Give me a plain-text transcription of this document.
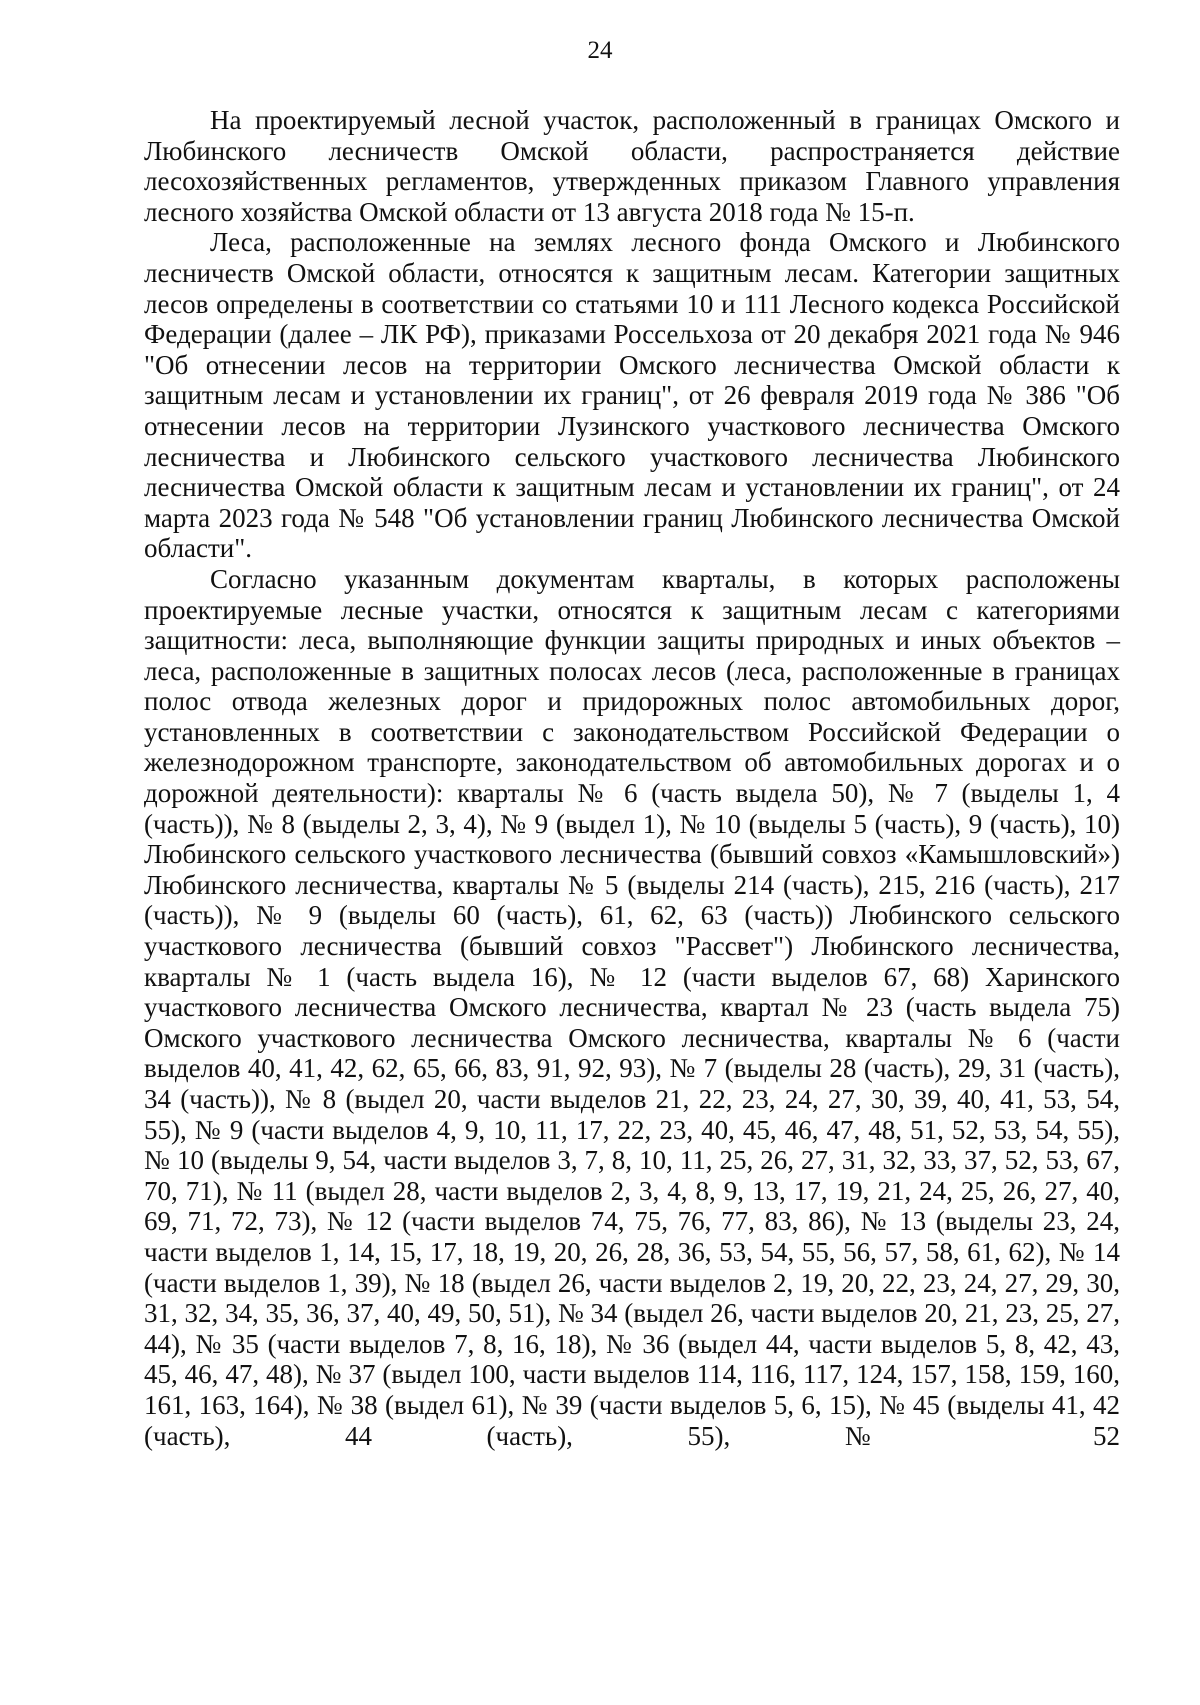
24

На проектируемый лесной участок, расположенный в границах Омского и Любинского лесничеств Омской области, распространяется действие лесохозяйственных регламентов, утвержденных приказом Главного управления лесного хозяйства Омской области от 13 августа 2018 года № 15-п.

Леса, расположенные на землях лесного фонда Омского и Любинского лесничеств Омской области, относятся к защитным лесам. Категории защитных лесов определены в соответствии со статьями 10 и 111 Лесного кодекса Российской Федерации (далее – ЛК РФ), приказами Россельхоза от 20 декабря 2021 года № 946 "Об отнесении лесов на территории Омского лесничества Омской области к защитным лесам и установлении их границ", от 26 февраля 2019 года № 386 "Об отнесении лесов на территории Лузинского участкового лесничества Омского лесничества и Любинского сельского участкового лесничества Любинского лесничества Омской области к защитным лесам и установлении их границ", от 24 марта 2023 года № 548 "Об установлении границ Любинского лесничества Омской области".

Согласно указанным документам кварталы, в которых расположены проектируемые лесные участки, относятся к защитным лесам с категориями защитности: леса, выполняющие функции защиты природных и иных объектов – леса, расположенные в защитных полосах лесов (леса, расположенные в границах полос отвода железных дорог и придорожных полос автомобильных дорог, установленных в соответствии с законодательством Российской Федерации о железнодорожном транспорте, законодательством об автомобильных дорогах и о дорожной деятельности): кварталы № 6 (часть выдела 50), № 7 (выделы 1, 4 (часть)), № 8 (выделы 2, 3, 4), № 9 (выдел 1), № 10 (выделы 5 (часть), 9 (часть), 10) Любинского сельского участкового лесничества (бывший совхоз «Камышловский») Любинского лесничества, кварталы № 5 (выделы 214 (часть), 215, 216 (часть), 217 (часть)), № 9 (выделы 60 (часть), 61, 62, 63 (часть)) Любинского сельского участкового лесничества (бывший совхоз "Рассвет") Любинского лесничества, кварталы № 1 (часть выдела 16), № 12 (части выделов 67, 68) Харинского участкового лесничества Омского лесничества, квартал № 23 (часть выдела 75) Омского участкового лесничества Омского лесничества, кварталы № 6 (части выделов 40, 41, 42, 62, 65, 66, 83, 91, 92, 93), № 7 (выделы 28 (часть), 29, 31 (часть), 34 (часть)), № 8 (выдел 20, части выделов 21, 22, 23, 24, 27, 30, 39, 40, 41, 53, 54, 55), № 9 (части выделов 4, 9, 10, 11, 17, 22, 23, 40, 45, 46, 47, 48, 51, 52, 53, 54, 55), № 10 (выделы 9, 54, части выделов 3, 7, 8, 10, 11, 25, 26, 27, 31, 32, 33, 37, 52, 53, 67, 70, 71), № 11 (выдел 28, части выделов 2, 3, 4, 8, 9, 13, 17, 19, 21, 24, 25, 26, 27, 40, 69, 71, 72, 73), № 12 (части выделов 74, 75, 76, 77, 83, 86), № 13 (выделы 23, 24, части выделов 1, 14, 15, 17, 18, 19, 20, 26, 28, 36, 53, 54, 55, 56, 57, 58, 61, 62), № 14 (части выделов 1, 39), № 18 (выдел 26, части выделов 2, 19, 20, 22, 23, 24, 27, 29, 30, 31, 32, 34, 35, 36, 37, 40, 49, 50, 51), № 34 (выдел 26, части выделов 20, 21, 23, 25, 27, 44), № 35 (части выделов 7, 8, 16, 18), № 36 (выдел 44, части выделов 5, 8, 42, 43, 45, 46, 47, 48), № 37 (выдел 100, части выделов 114, 116, 117, 124, 157, 158, 159, 160, 161, 163, 164), № 38 (выдел 61), № 39 (части выделов 5, 6, 15), № 45 (выделы 41, 42 (часть), 44 (часть), 55), № 52
